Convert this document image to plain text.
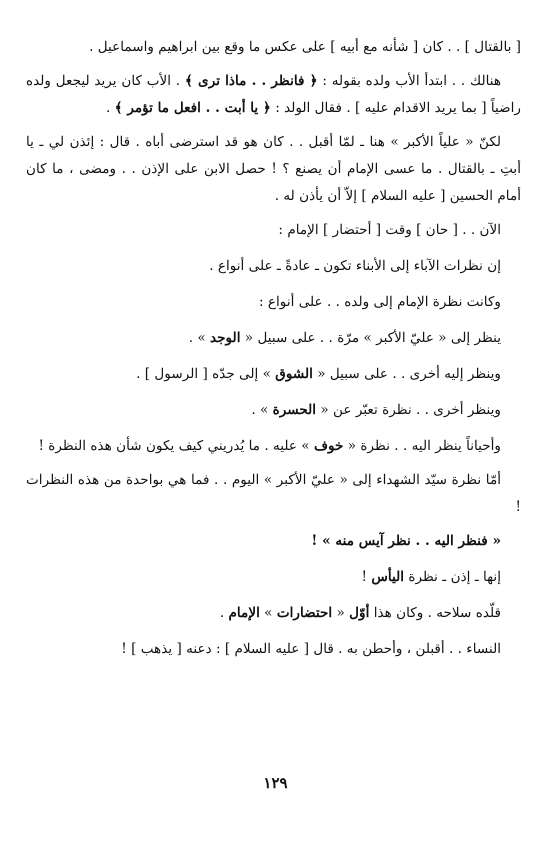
[ بالقتال ] . . كان [ شأنه مع أبيه ] على عكس ما وقع بين ابراهيم واسماعيل .

هنالك . . ابتدأ الأب ولده بقوله : ﴿ فانظر . . ماذا ترى ﴾ . الأب كان يريد ليجعل ولده راضياً [ بما يريد الاقدام عليه ] . فقال الولد : ﴿ يا أبت . . افعل ما تؤمر ﴾ .

لكنّ « علياً الأكبر » هنا ـ لمّا أقبل . . كان هو قد استرضى أباه . قال : إئذن لي ـ يا أبتِ ـ بالقتال . ما عسى الإمام أن يصنع ؟ ! حصل الابن على الإذن . . ومضى ، ما كان أمام الحسين [ عليه السلام ] إلاّ أن يأذن له .

الآن . . [ حان ] وقت [ أحتضار ] الإمام :

إن نظرات الآباء إلى الأبناء تكون ـ عادةً ـ على أنواع .

وكانت نظرة الإمام إلى ولده . . على أنواع :

ينظر إلى « عليّ الأكبر » مرّة . . على سبيل « الوجد » .

وينظر إليه أخرى . . على سبيل « الشوق » إلى جدّه [ الرسول ] .

وينظر أخرى . . نظرة تعبّر عن « الحسرة » .

وأحياناً ينظر اليه . . نظرة « خوف » عليه . ما يُدريني كيف يكون شأن هذه النظرة !

أمّا نظرة سيّد الشهداء إلى « عليّ الأكبر » اليوم . . فما هي بواحدة من هذه النظرات !

« فنظر اليه . . نظر آيس منه » !

إنها ـ إذن ـ نظرة اليأس !

قلّده سلاحه . وكان هذا أوّل « احتضارات » الإمام .

النساء . . أقبلن ، وأحطن به . قال [ عليه السلام ] : دعنه [ يذهب ] !

١٢٩
